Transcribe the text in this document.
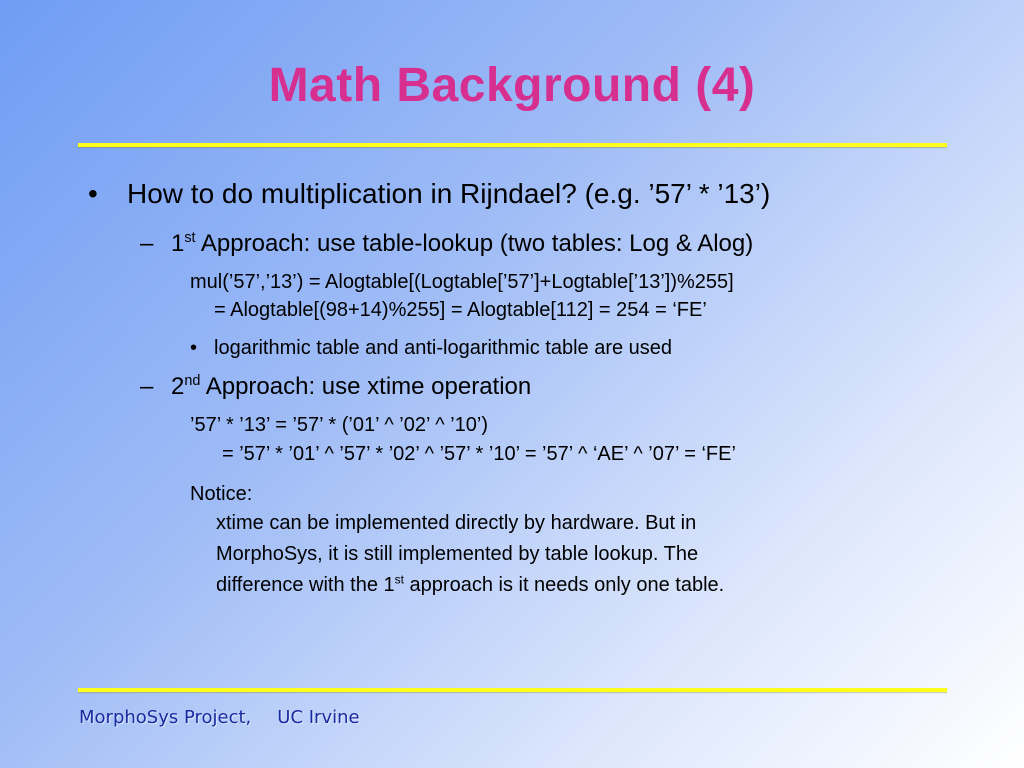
Math Background (4)
• How to do multiplication in Rijndael? (e.g. ’57’ * ’13’)
– 1st Approach: use table-lookup (two tables: Log & Alog)
mul(’57’,’13’) = Alogtable[(Logtable[’57’]+Logtable[’13’])%255]
= Alogtable[(98+14)%255] = Alogtable[112] = 254 = ‘FE’
• logarithmic table and anti-logarithmic table are used
– 2nd Approach: use xtime operation
’57’ * ’13’ = ’57’ * (’01’ ^ ’02’ ^ ’10’)
= ’57’ * ’01’ ^ ’57’ * ’02’ ^ ’57’ * ’10’ = ’57’ ^ ‘AE’ ^ ’07’ = ‘FE’
Notice:
xtime can be implemented directly by hardware. But in
MorphoSys, it is still implemented by table lookup. The
difference with the 1st approach is it needs only one table.
MorphoSys Project, UC Irvine
